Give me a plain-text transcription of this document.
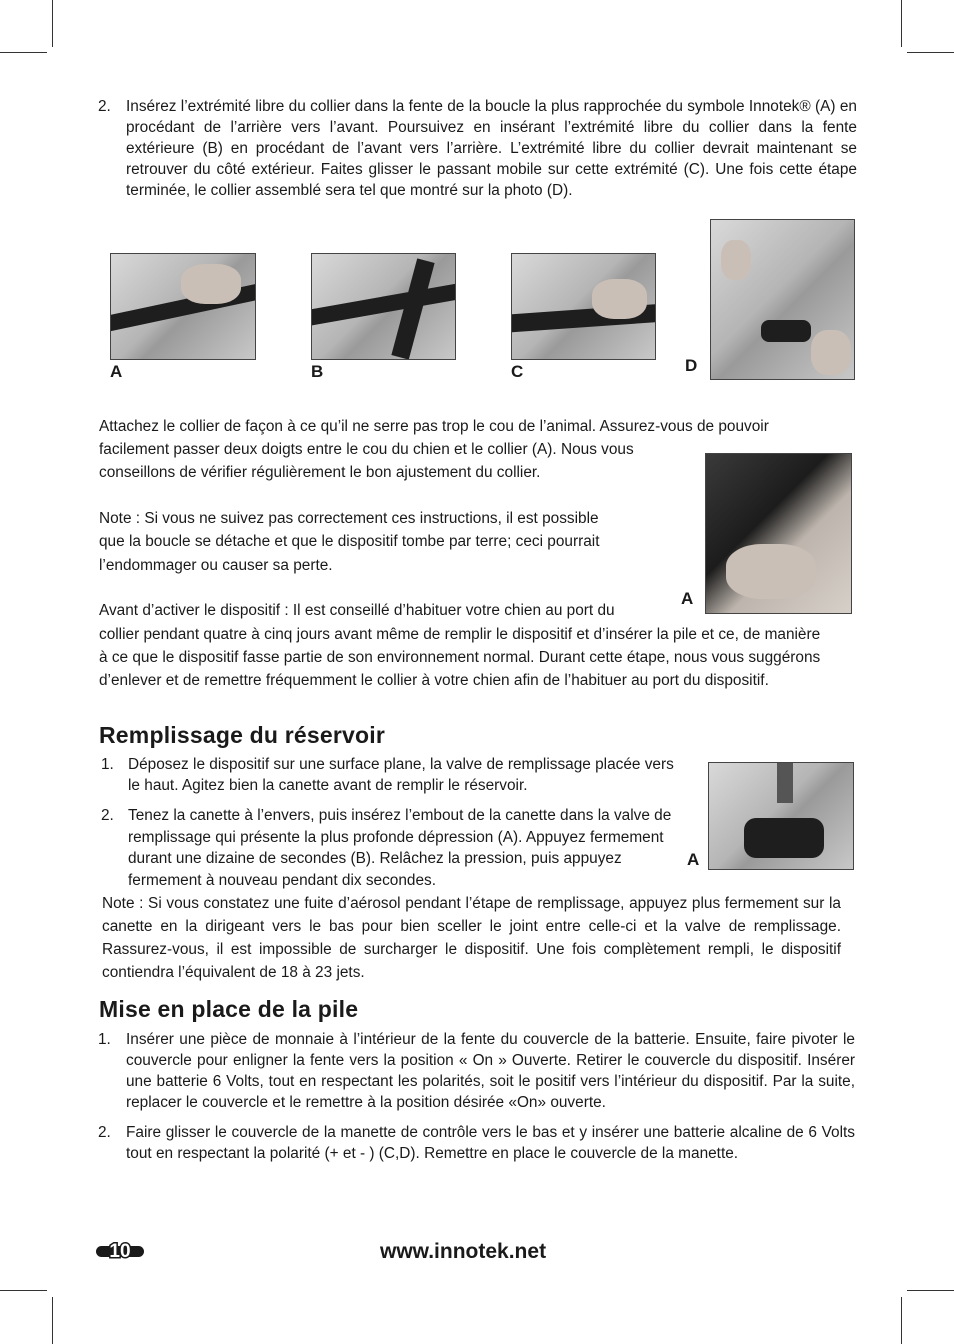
2. Insérez l’extrémité libre du collier dans la fente de la boucle la plus rapprochée du symbole Innotek® (A) en procédant de l’arrière vers l’avant. Poursuivez en insérant l’extrémité libre du collier dans la fente extérieure (B) en procédant de l’avant vers l’arrière. L’extrémité libre du collier devrait maintenant se retrouver du côté extérieur. Faites glisser le passant mobile sur cette extrémité (C). Une fois cette étape terminée, le collier assemblé sera tel que montré sur la photo (D).
A	B	C	D
Attachez le collier de façon à ce qu’il ne serre pas trop le cou de l’animal. Assurez-vous de pouvoir
facilement passer deux doigts entre le cou du chien et le collier (A). Nous vous
conseillons de vérifier régulièrement le bon ajustement du collier.
A
Note : Si vous ne suivez pas correctement ces instructions, il est possible
que la boucle se détache et que le dispositif tombe par terre; ceci pourrait
l’endommager ou causer sa perte.
Avant d’activer le dispositif : Il est conseillé d’habituer votre chien au port du
collier pendant quatre à cinq jours avant même de remplir le dispositif et d’insérer la pile et ce, de manière à ce que le dispositif fasse partie de son environnement normal. Durant cette étape, nous vous suggérons d’enlever et de remettre fréquemment le collier à votre chien afin de l’habituer au port du dispositif.
Remplissage du réservoir
1. Déposez le dispositif sur une surface plane, la valve de remplissage placée vers le haut. Agitez bien la canette avant de remplir le réservoir.
2. Tenez la canette à l’envers, puis insérez l’embout de la canette dans la valve de remplissage qui présente la plus profonde dépression (A). Appuyez fermement durant une dizaine de secondes (B). Relâchez la pression, puis appuyez fermement à nouveau pendant dix secondes.
A
Note : Si vous constatez une fuite d’aérosol pendant l’étape de remplissage, appuyez plus fermement sur la canette en la dirigeant vers le bas pour bien sceller le joint entre celle-ci et la valve de remplissage. Rassurez-vous, il est impossible de surcharger le dispositif. Une fois complètement rempli, le dispositif contiendra l’équivalent de 18 à 23 jets.
Mise en place de la pile
1. Insérer une pièce de monnaie à l’intérieur de la fente du couvercle de la batterie. Ensuite, faire pivoter le couvercle pour enligner la fente vers la position « On » Ouverte. Retirer le couvercle du dispositif. Insérer une batterie 6 Volts, tout en respectant les polarités, soit le positif vers l’intérieur du dispositif. Par la suite, replacer le couvercle et le remettre à la position désirée «On» ouverte.
2. Faire glisser le couvercle de la manette de contrôle vers le bas et y insérer une batterie alcaline de 6 Volts tout en respectant la polarité (+ et - ) (C,D). Remettre en place le couvercle de la manette.
10	www.innotek.net
